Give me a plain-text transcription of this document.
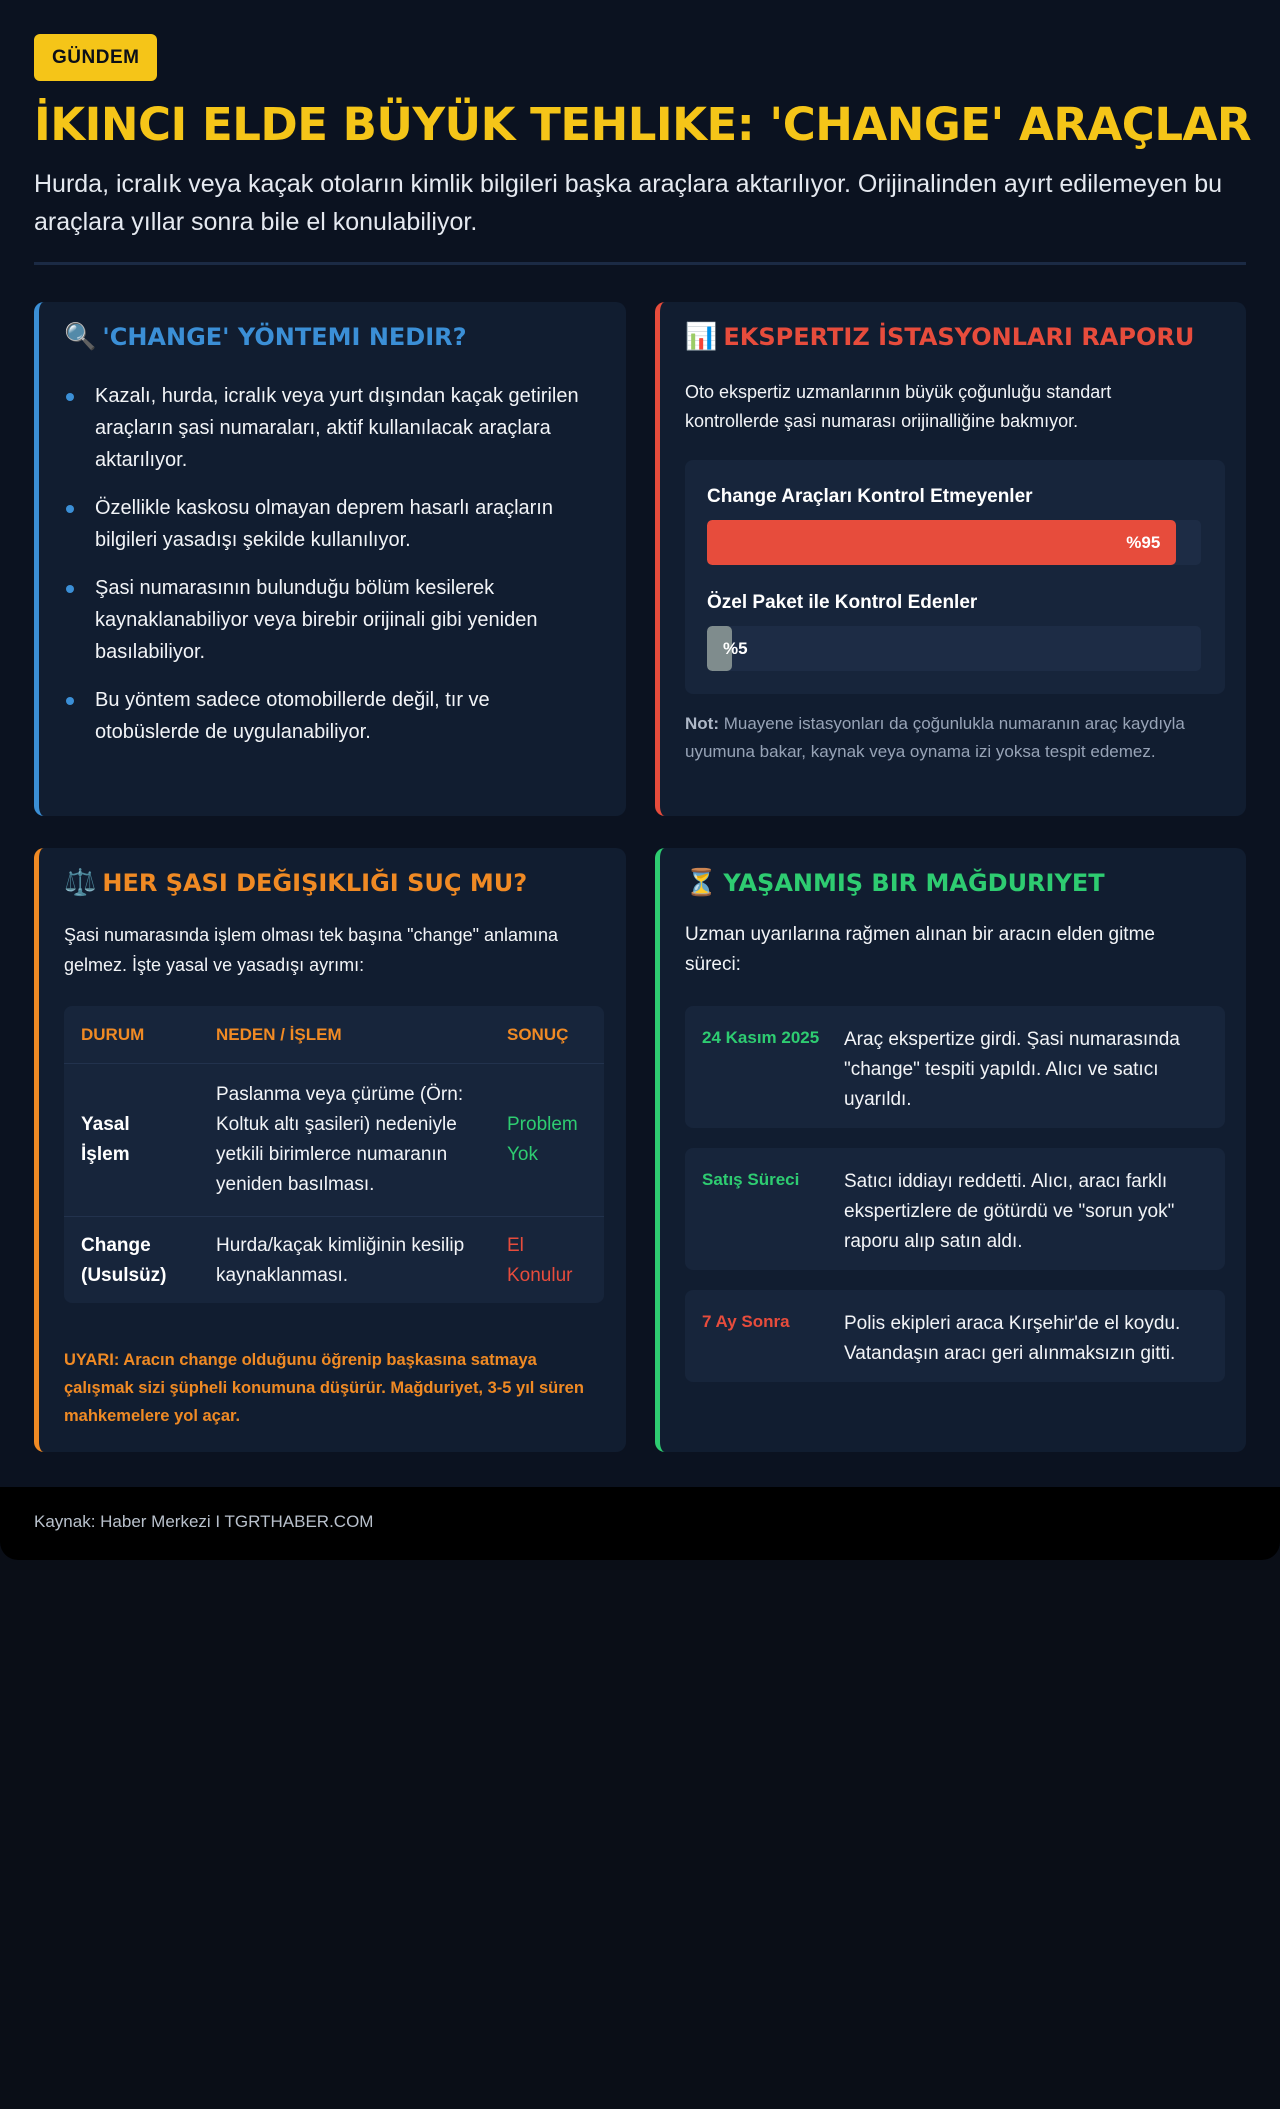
GÜNDEM
İKINCI ELDE BÜYÜK TEHLIKE: 'CHANGE' ARAÇLAR

Hurda, icralık veya kaçak otoların kimlik bilgileri başka araçlara aktarılıyor. Orijinalinden ayırt edilemeyen bu araçlara yıllar sonra bile el konulabiliyor.

🔍 'CHANGE' YÖNTEMI NEDIR?
Kazalı, hurda, icralık veya yurt dışından kaçak getirilen araçların şasi numaraları, aktif kullanılacak araçlara aktarılıyor.
Özellikle kaskosu olmayan deprem hasarlı araçların bilgileri yasadışı şekilde kullanılıyor.
Şasi numarasının bulunduğu bölüm kesilerek kaynaklanabiliyor veya birebir orijinali gibi yeniden basılabiliyor.
Bu yöntem sadece otomobillerde değil, tır ve otobüslerde de uygulanabiliyor.
📊 EKSPERTIZ İSTASYONLARI RAPORU

Oto ekspertiz uzmanlarının büyük çoğunluğu standart kontrollerde şasi numarası orijinalliğine bakmıyor.

Change Araçları Kontrol Etmeyenler
%95
Özel Paket ile Kontrol Edenler
%5

Not: Muayene istasyonları da çoğunlukla numaranın araç kaydıyla uyumuna bakar, kaynak veya oynama izi yoksa tespit edemez.

⚖️ HER ŞASI DEĞIŞIKLIĞI SUÇ MU?

Şasi numarasında işlem olması tek başına "change" anlamına gelmez. İşte yasal ve yasadışı ayrımı:

DURUM	NEDEN / İŞLEM	SONUÇ
Yasal İşlem	Paslanma veya çürüme (Örn: Koltuk altı şasileri) nedeniyle yetkili birimlerce numaranın yeniden basılması.	Problem Yok
Change (Usulsüz)	Hurda/kaçak kimliğinin kesilip kaynaklanması.	El Konulur

UYARI: Aracın change olduğunu öğrenip başkasına satmaya çalışmak sizi şüpheli konumuna düşürür. Mağduriyet, 3-5 yıl süren mahkemelere yol açar.

⏳ YAŞANMIŞ BIR MAĞDURIYET

Uzman uyarılarına rağmen alınan bir aracın elden gitme süreci:

24 Kasım 2025	Araç ekspertize girdi. Şasi numarasında "change" tespiti yapıldı. Alıcı ve satıcı uyarıldı.
Satış Süreci	Satıcı iddiayı reddetti. Alıcı, aracı farklı ekspertizlere de götürdü ve "sorun yok" raporu alıp satın aldı.
7 Ay Sonra	Polis ekipleri araca Kırşehir'de el koydu. Vatandaşın aracı geri alınmaksızın gitti.
Kaynak: Haber Merkezi I TGRTHABER.COM
